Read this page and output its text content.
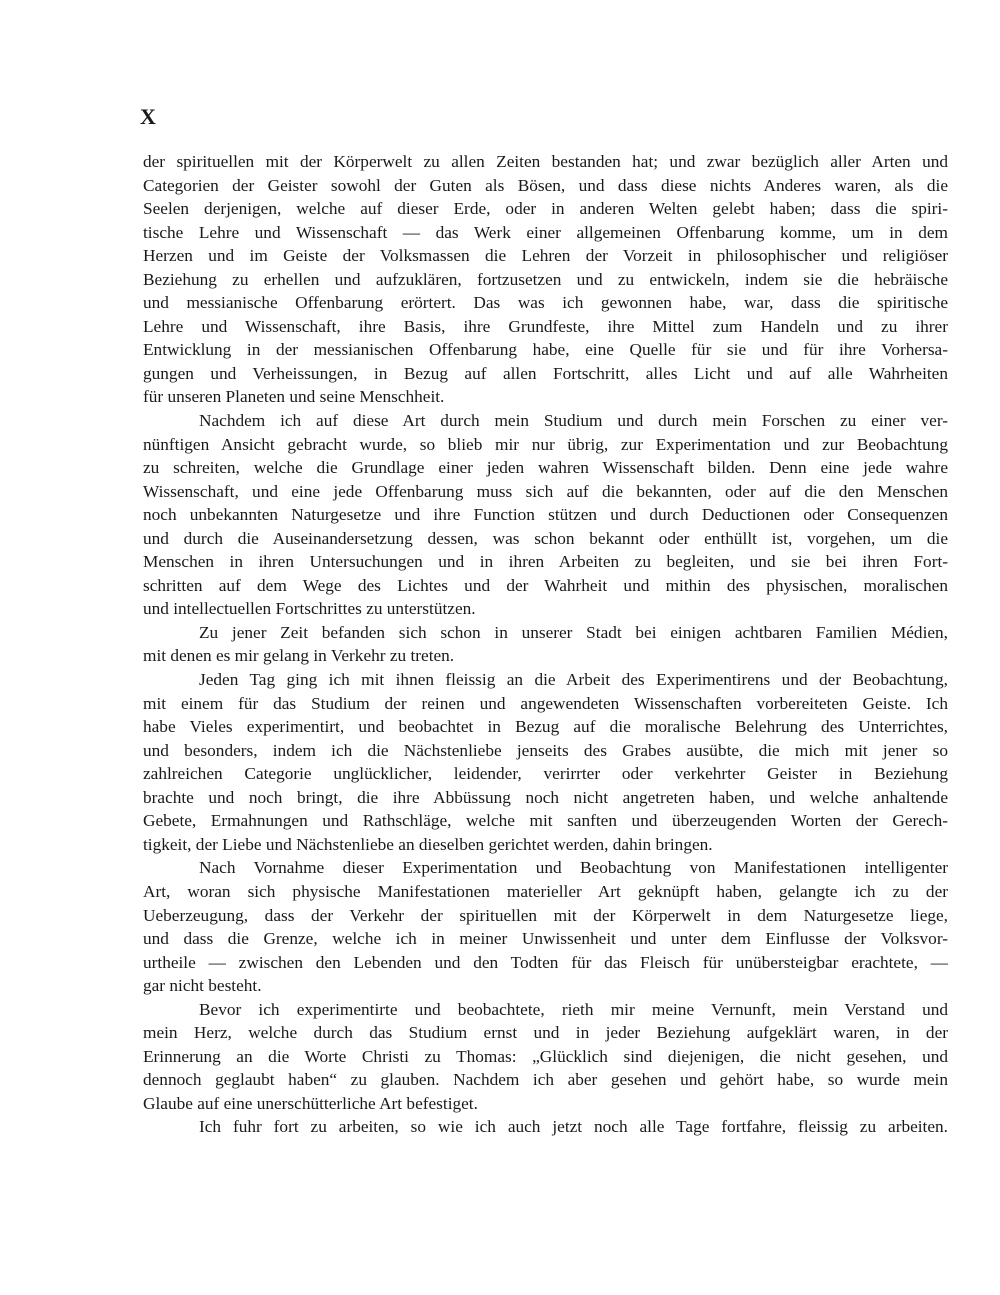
X
der spirituellen mit der Körperwelt zu allen Zeiten bestanden hat; und zwar bezüglich aller Arten und
Categorien der Geister sowohl der Guten als Bösen, und dass diese nichts Anderes waren, als die
Seelen derjenigen, welche auf dieser Erde, oder in anderen Welten gelebt haben; dass die spiri-
tische Lehre und Wissenschaft — das Werk einer allgemeinen Offenbarung komme, um in dem
Herzen und im Geiste der Volksmassen die Lehren der Vorzeit in philosophischer und religiöser
Beziehung zu erhellen und aufzuklären, fortzusetzen und zu entwickeln, indem sie die hebräische
und messianische Offenbarung erörtert. Das was ich gewonnen habe, war, dass die spiritische
Lehre und Wissenschaft, ihre Basis, ihre Grundfeste, ihre Mittel zum Handeln und zu ihrer
Entwicklung in der messianischen Offenbarung habe, eine Quelle für sie und für ihre Vorhersa-
gungen und Verheissungen, in Bezug auf allen Fortschritt, alles Licht und auf alle Wahrheiten
für unseren Planeten und seine Menschheit.
Nachdem ich auf diese Art durch mein Studium und durch mein Forschen zu einer ver-
nünftigen Ansicht gebracht wurde, so blieb mir nur übrig, zur Experimentation und zur Beobachtung
zu schreiten, welche die Grundlage einer jeden wahren Wissenschaft bilden. Denn eine jede wahre
Wissenschaft, und eine jede Offenbarung muss sich auf die bekannten, oder auf die den Menschen
noch unbekannten Naturgesetze und ihre Function stützen und durch Deductionen oder Consequenzen
und durch die Auseinandersetzung dessen, was schon bekannt oder enthüllt ist, vorgehen, um die
Menschen in ihren Untersuchungen und in ihren Arbeiten zu begleiten, und sie bei ihren Fort-
schritten auf dem Wege des Lichtes und der Wahrheit und mithin des physischen, moralischen
und intellectuellen Fortschrittes zu unterstützen.
Zu jener Zeit befanden sich schon in unserer Stadt bei einigen achtbaren Familien Médien,
mit denen es mir gelang in Verkehr zu treten.
Jeden Tag ging ich mit ihnen fleissig an die Arbeit des Experimentirens und der Beobachtung,
mit einem für das Studium der reinen und angewendeten Wissenschaften vorbereiteten Geiste. Ich
habe Vieles experimentirt, und beobachtet in Bezug auf die moralische Belehrung des Unterrichtes,
und besonders, indem ich die Nächstenliebe jenseits des Grabes ausübte, die mich mit jener so
zahlreichen Categorie unglücklicher, leidender, verirrter oder verkehrter Geister in Beziehung
brachte und noch bringt, die ihre Abbüssung noch nicht angetreten haben, und welche anhaltende
Gebete, Ermahnungen und Rathschläge, welche mit sanften und überzeugenden Worten der Gerech-
tigkeit, der Liebe und Nächstenliebe an dieselben gerichtet werden, dahin bringen.
Nach Vornahme dieser Experimentation und Beobachtung von Manifestationen intelligenter
Art, woran sich physische Manifestationen materieller Art geknüpft haben, gelangte ich zu der
Ueberzeugung, dass der Verkehr der spirituellen mit der Körperwelt in dem Naturgesetze liege,
und dass die Grenze, welche ich in meiner Unwissenheit und unter dem Einflusse der Volksvor-
urtheile — zwischen den Lebenden und den Todten für das Fleisch für unübersteigbar erachtete, —
gar nicht besteht.
Bevor ich experimentirte und beobachtete, rieth mir meine Vernunft, mein Verstand und
mein Herz, welche durch das Studium ernst und in jeder Beziehung aufgeklärt waren, in der
Erinnerung an die Worte Christi zu Thomas: „Glücklich sind diejenigen, die nicht gesehen, und
dennoch geglaubt haben“ zu glauben. Nachdem ich aber gesehen und gehört habe, so wurde mein
Glaube auf eine unerschütterliche Art befestiget.
Ich fuhr fort zu arbeiten, so wie ich auch jetzt noch alle Tage fortfahre, fleissig zu arbeiten.
